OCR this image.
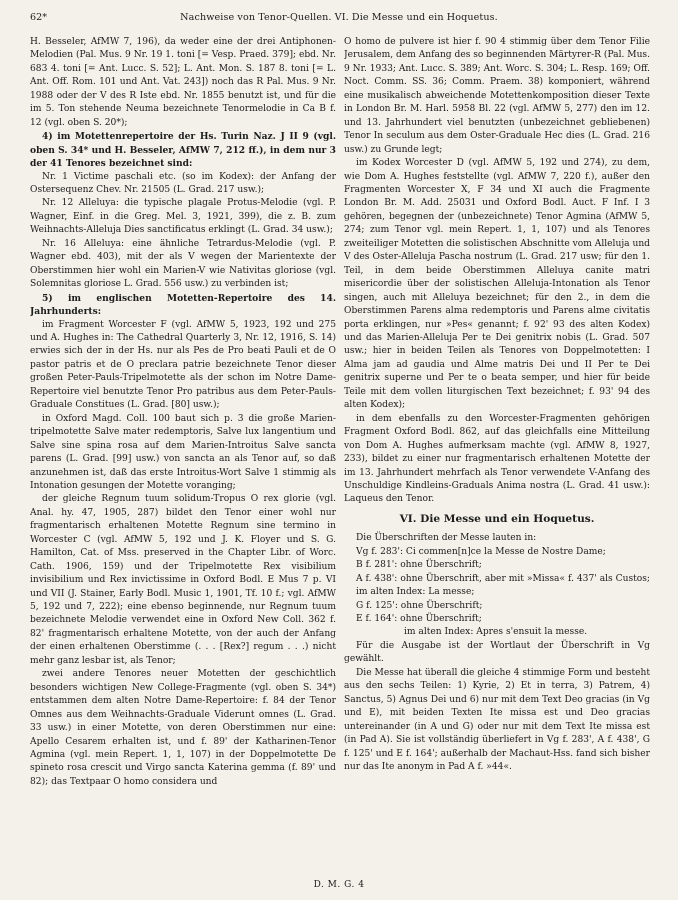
62*	Nachweise von Tenor-Quellen. VI. Die Messe und ein Hoquetus.

H. Besseler, AfMW 7, 196), da weder eine der drei Antiphonen-Melodien (Pal. Mus. 9 Nr. 19 1. toni [= Vesp. Praed. 379]; ebd. Nr. 683 4. toni [= Ant. Lucc. S. 52]; L. Ant. Mon. S. 187 8. toni [= L. Ant. Off. Rom. 101 und Ant. Vat. 243]) noch das R Pal. Mus. 9 Nr. 1988 oder der V des R Iste ebd. Nr. 1855 benutzt ist, und für die im 5. Ton stehende Neuma bezeichnete Tenormelodie in Ca B f. 12 (vgl. oben S. 20*);

4) im Motettenrepertoire der Hs. Turin Naz. J II 9 (vgl. oben S. 34* und H. Besseler, AfMW 7, 212 ff.), in dem nur 3 der 41 Tenores bezeichnet sind:

Nr. 1 Victime paschali etc. (so im Kodex): der Anfang der Ostersequenz Chev. Nr. 21505 (L. Grad. 217 usw.);

Nr. 12 Alleluya: die typische plagale Protus-Melodie (vgl. P. Wagner, Einf. in die Greg. Mel. 3, 1921, 399), die z. B. zum Weihnachts-Alleluja Dies sanctificatus erklingt (L. Grad. 34 usw.);

Nr. 16 Alleluya: eine ähnliche Tetrardus-Melodie (vgl. P. Wagner ebd. 403), mit der als V wegen der Marientexte der Oberstimmen hier wohl ein Marien-V wie Nativitas gloriose (vgl. Solemnitas gloriose L. Grad. 556 usw.) zu verbinden ist;

5) im englischen Motetten-Repertoire des 14. Jahrhunderts:

im Fragment Worcester F (vgl. AfMW 5, 1923, 192 und 275 und A. Hughes in: The Cathedral Quarterly 3, Nr. 12, 1916, S. 14) erwies sich der in der Hs. nur als Pes de Pro beati Pauli et de O pastor patris et de O preclara patrie bezeichnete Tenor dieser großen Peter-Pauls-Tripelmotette als der schon im Notre Dame-Repertoire viel benutzte Tenor Pro patribus aus dem Peter-Pauls-Graduale Constitues (L. Grad. [80] usw.);

in Oxford Magd. Coll. 100 baut sich p. 3 die große Marien-tripelmotette Salve mater redemptoris, Salve lux langentium und Salve sine spina rosa auf dem Marien-Introitus Salve sancta parens (L. Grad. [99] usw.) von sancta an als Tenor auf, so daß anzunehmen ist, daß das erste Introitus-Wort Salve 1 stimmig als Intonation gesungen der Motette voranging;

der gleiche Regnum tuum solidum-Tropus O rex glorie (vgl. Anal. hy. 47, 1905, 287) bildet den Tenor einer wohl nur fragmentarisch erhaltenen Motette Regnum sine termino in Worcester C (vgl. AfMW 5, 192 und J. K. Floyer und S. G. Hamilton, Cat. of Mss. preserved in the Chapter Libr. of Worc. Cath. 1906, 159) und der Tripelmotette Rex visibilium invisibilium und Rex invictissime in Oxford Bodl. E Mus 7 p. VI und VII (J. Stainer, Early Bodl. Music 1, 1901, Tf. 10 f.; vgl. AfMW 5, 192 und 7, 222); eine ebenso beginnende, nur Regnum tuum bezeichnete Melodie verwendet eine in Oxford New Coll. 362 f. 82' fragmentarisch erhaltene Motette, von der auch der Anfang der einen erhaltenen Oberstimme (. . . [Rex?] regum . . .) nicht mehr ganz lesbar ist, als Tenor;

zwei andere Tenores neuer Motetten der geschichtlich besonders wichtigen New College-Fragmente (vgl. oben S. 34*) entstammen dem alten Notre Dame-Repertoire: f. 84 der Tenor Omnes aus dem Weihnachts-Graduale Viderunt omnes (L. Grad. 33 usw.) in einer Motette, von deren Oberstimmen nur eine: Apello Cesarem erhalten ist, und f. 89' der Katharinen-Tenor Agmina (vgl. mein Repert. 1, 1, 107) in der Doppelmotette De spineto rosa crescit und Virgo sancta Katerina gemma (f. 89' und 82); das Textpaar O homo considera und

O homo de pulvere ist hier f. 90 4 stimmig über dem Tenor Filie Jerusalem, dem Anfang des so beginnenden Märtyrer-R (Pal. Mus. 9 Nr. 1933; Ant. Lucc. S. 389; Ant. Worc. S. 304; L. Resp. 169; Off. Noct. Comm. SS. 36; Comm. Praem. 38) komponiert, während eine musikalisch abweichende Motettenkomposition dieser Texte in London Br. M. Harl. 5958 Bl. 22 (vgl. AfMW 5, 277) den im 12. und 13. Jahrhundert viel benutzten (unbezeichnet gebliebenen) Tenor In seculum aus dem Oster-Graduale Hec dies (L. Grad. 216 usw.) zu Grunde legt;

im Kodex Worcester D (vgl. AfMW 5, 192 und 274), zu dem, wie Dom A. Hughes feststellte (vgl. AfMW 7, 220 f.), außer den Fragmenten Worcester X, F 34 und XI auch die Fragmente London Br. M. Add. 25031 und Oxford Bodl. Auct. F Inf. I 3 gehören, begegnen der (unbezeichnete) Tenor Agmina (AfMW 5, 274; zum Tenor vgl. mein Repert. 1, 1, 107) und als Tenores zweiteiliger Motetten die solistischen Abschnitte vom Alleluja und V des Oster-Alleluja Pascha nostrum (L. Grad. 217 usw; für den 1. Teil, in dem beide Oberstimmen Alleluya canite matri misericordie über der solistischen Alleluja-Intonation als Tenor singen, auch mit Alleluya bezeichnet; für den 2., in dem die Oberstimmen Parens alma redemptoris und Parens alme civitatis porta erklingen, nur »Pes« genannt; f. 92' 93 des alten Kodex) und das Marien-Alleluja Per te Dei genitrix nobis (L. Grad. 507 usw.; hier in beiden Teilen als Tenores von Doppelmotetten: I Alma jam ad gaudia und Alme matris Dei und II Per te Dei genitrix superne und Per te o beata semper, und hier für beide Teile mit dem vollen liturgischen Text bezeichnet; f. 93' 94 des alten Kodex);

in dem ebenfalls zu den Worcester-Fragmenten gehörigen Fragment Oxford Bodl. 862, auf das gleichfalls eine Mitteilung von Dom A. Hughes aufmerksam machte (vgl. AfMW 8, 1927, 233), bildet zu einer nur fragmentarisch erhaltenen Motette der im 13. Jahrhundert mehrfach als Tenor verwendete V-Anfang des Unschuldige Kindleins-Graduals Anima nostra (L. Grad. 41 usw.): Laqueus den Tenor.

VI. Die Messe und ein Hoquetus.

Die Überschriften der Messe lauten in:

Vg f. 283': Ci commen[n]ce la Messe de Nostre Dame;

B f. 281': ohne Überschrift;

A f. 438': ohne Überschrift, aber mit »Missa« f. 437' als Custos; im alten Index: La messe;

G f. 125': ohne Überschrift;

E f. 164': ohne Überschrift;

im alten Index: Apres s'ensuit la messe.

Für die Ausgabe ist der Wortlaut der Überschrift in Vg gewählt.

Die Messe hat überall die gleiche 4 stimmige Form und besteht aus den sechs Teilen: 1) Kyrie, 2) Et in terra, 3) Patrem, 4) Sanctus, 5) Agnus Dei und 6) nur mit dem Text Deo gracias (in Vg und E), mit beiden Texten Ite missa est und Deo gracias untereinander (in A und G) oder nur mit dem Text Ite missa est (in Pad A). Sie ist vollständig überliefert in Vg f. 283', A f. 438', G f. 125' und E f. 164'; außerhalb der Machaut-Hss. fand sich bisher nur das Ite anonym in Pad A f. »44«.

D. M. G. 4
